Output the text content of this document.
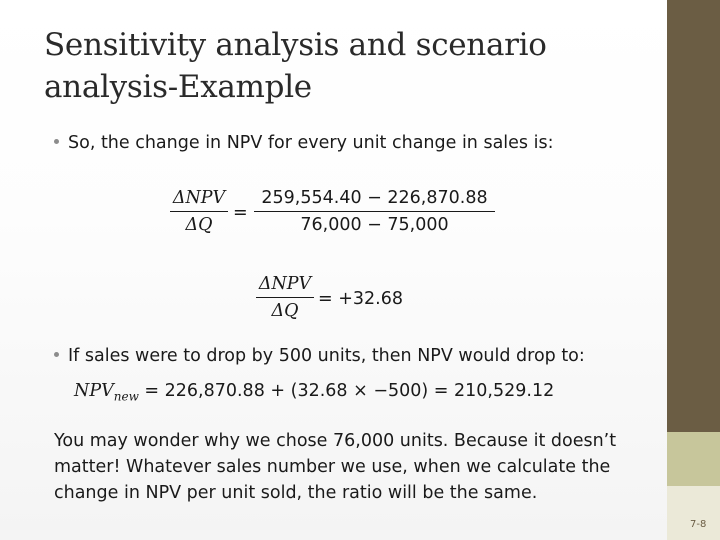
Sensitivity analysis and scenario analysis-Example
So, the change in NPV for every unit change in sales is:
ΔNPV
ΔQ
=
259,554.40 − 226,870.88
76,000 − 75,000
ΔNPV
ΔQ
= +32.68
If sales were to drop by 500 units, then NPV would drop to:
$NPV_{new} = 226,870.88 + (32.68 \times -500) = 210,529.12$
You may wonder why we chose 76,000 units. Because it doesn’t
matter! Whatever sales number we use, when we calculate the
change in NPV per unit sold, the ratio will be the same.
7-8
